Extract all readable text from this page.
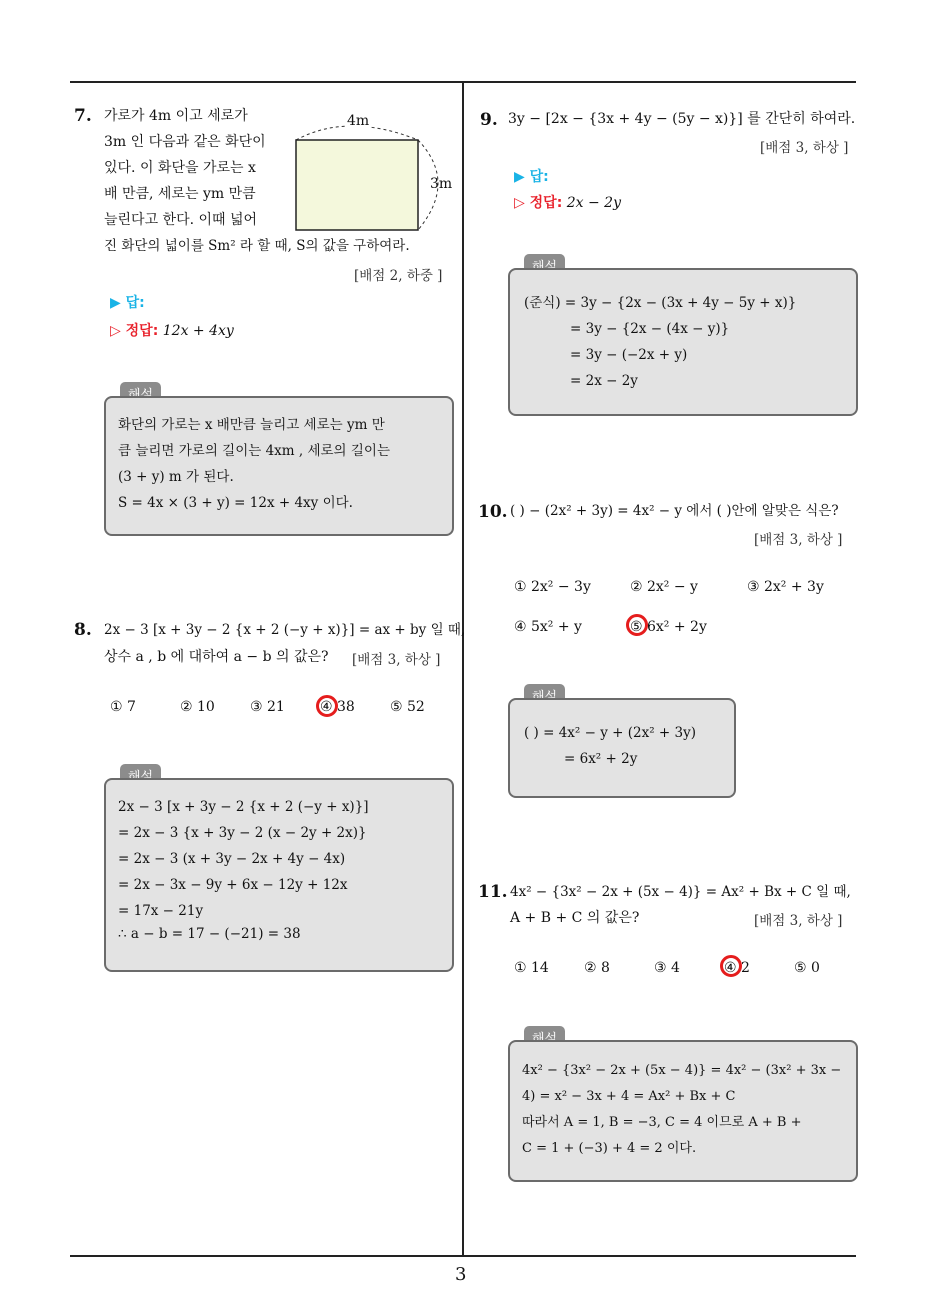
3
7. 가로가 4m 이고 세로가
3m 인 다음과 같은 화단이
있다. 이 화단을 가로는 x
배 만큼, 세로는 ym 만큼
늘린다고 한다. 이때 넓어
진 화단의 넓이를 Sm² 라 할 때, S의 값을 구하여라.
4m
3m
[배점 2, 하중 ]
▶ 답:
▷ 정답: 12x + 4xy
화단의 가로는 x 배만큼 늘리고 세로는 ym 만
큼 늘리면 가로의 길이는 4xm , 세로의 길이는
(3 + y) m 가 된다.
S = 4x × (3 + y) = 12x + 4xy 이다.
8. 2x − 3 [x + 3y − 2 {x + 2 (−y + x)}] = ax + by 일 때,
상수 a , b 에 대하여 a − b 의 값은? [배점 3, 하상 ]
① 7	② 10	③ 21	④ 38	⑤ 52
2x − 3 [x + 3y − 2 {x + 2 (−y + x)}]
= 2x − 3 {x + 3y − 2 (x − 2y + 2x)}
= 2x − 3 (x + 3y − 2x + 4y − 4x)
= 2x − 3x − 9y + 6x − 12y + 12x
= 17x − 21y
∴ a − b = 17 − (−21) = 38
9. 3y − [2x − {3x + 4y − (5y − x)}] 를 간단히 하여라.
[배점 3, 하상 ]
▶ 답:
▷ 정답: 2x − 2y
(준식) = 3y − {2x − (3x + 4y − 5y + x)}
= 3y − {2x − (4x − y)}
= 3y − (−2x + y)
= 2x − 2y
10. ( ) − (2x² + 3y) = 4x² − y 에서 ( )안에 알맞은 식은?
[배점 3, 하상 ]
① 2x² − 3y	② 2x² − y	③ 2x² + 3y
④ 5x² + y	⑤ 6x² + 2y
( ) = 4x² − y + (2x² + 3y)
= 6x² + 2y
11. 4x² − {3x² − 2x + (5x − 4)} = Ax² + Bx + C 일 때,
A + B + C 의 값은?	[배점 3, 하상 ]
① 14	② 8	③ 4	④ 2	⑤ 0
4x² − {3x² − 2x + (5x − 4)} = 4x² − (3x² + 3x −
4) = x² − 3x + 4 = Ax² + Bx + C
따라서 A = 1, B = −3, C = 4 이므로 A + B +
C = 1 + (−3) + 4 = 2 이다.
